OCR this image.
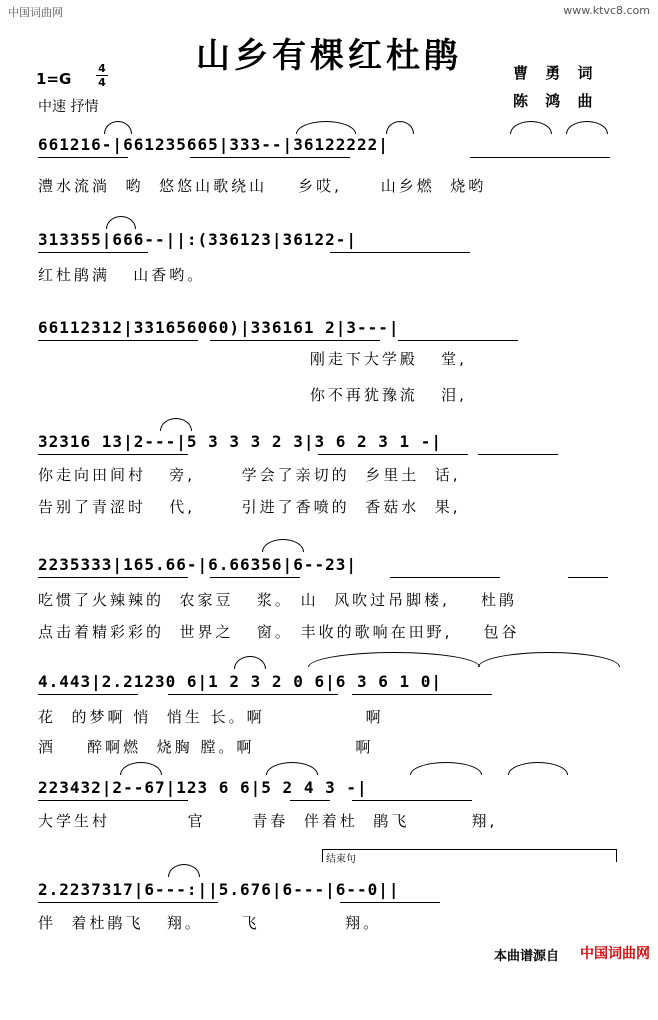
中国词曲网	www.ktvc8.com
山乡有棵红杜鹃
1=G
4
4
中速 抒情
曹 勇 词
陈 鸿 曲
661216-|661235665|333--|36122222|
澧水流淌  哟  悠悠山歌绕山    乡哎,     山乡燃  烧哟
313355|666--||:(336123|36122-|
红杜鹃满   山香哟。
66112312|331656060)|336161 2|3---|
刚走下大学殿   堂,
你不再犹豫流   泪,
32316 13|2---|5 3 3 3 2 3|3 6 2 3 1 -|
你走向田间村   旁,      学会了亲切的  乡里土  话,
告别了青涩时   代,      引进了香喷的  香菇水  果,
2235333|165.66-|6.66356|6--23|
吃惯了火辣辣的  农家豆   浆。 山  风吹过吊脚楼,    杜鹃
点击着精彩彩的  世界之   窗。 丰收的歌响在田野,    包谷
4.443|2.21230 6|1 2 3 2 0 6|6 3 6 1 0|
花  的梦啊 悄  悄生 长。啊             啊
酒    醉啊燃  烧胸 膛。啊             啊
223432|2--67|123 6 6|5 2 4 3 -|
大学生村          官      青春  伴着杜  鹃飞        翔,
结束句
2.2237317|6---:||5.676|6---|6--0||
伴  着杜鹃飞   翔。     飞           翔。
本曲谱源自 中国词曲网
